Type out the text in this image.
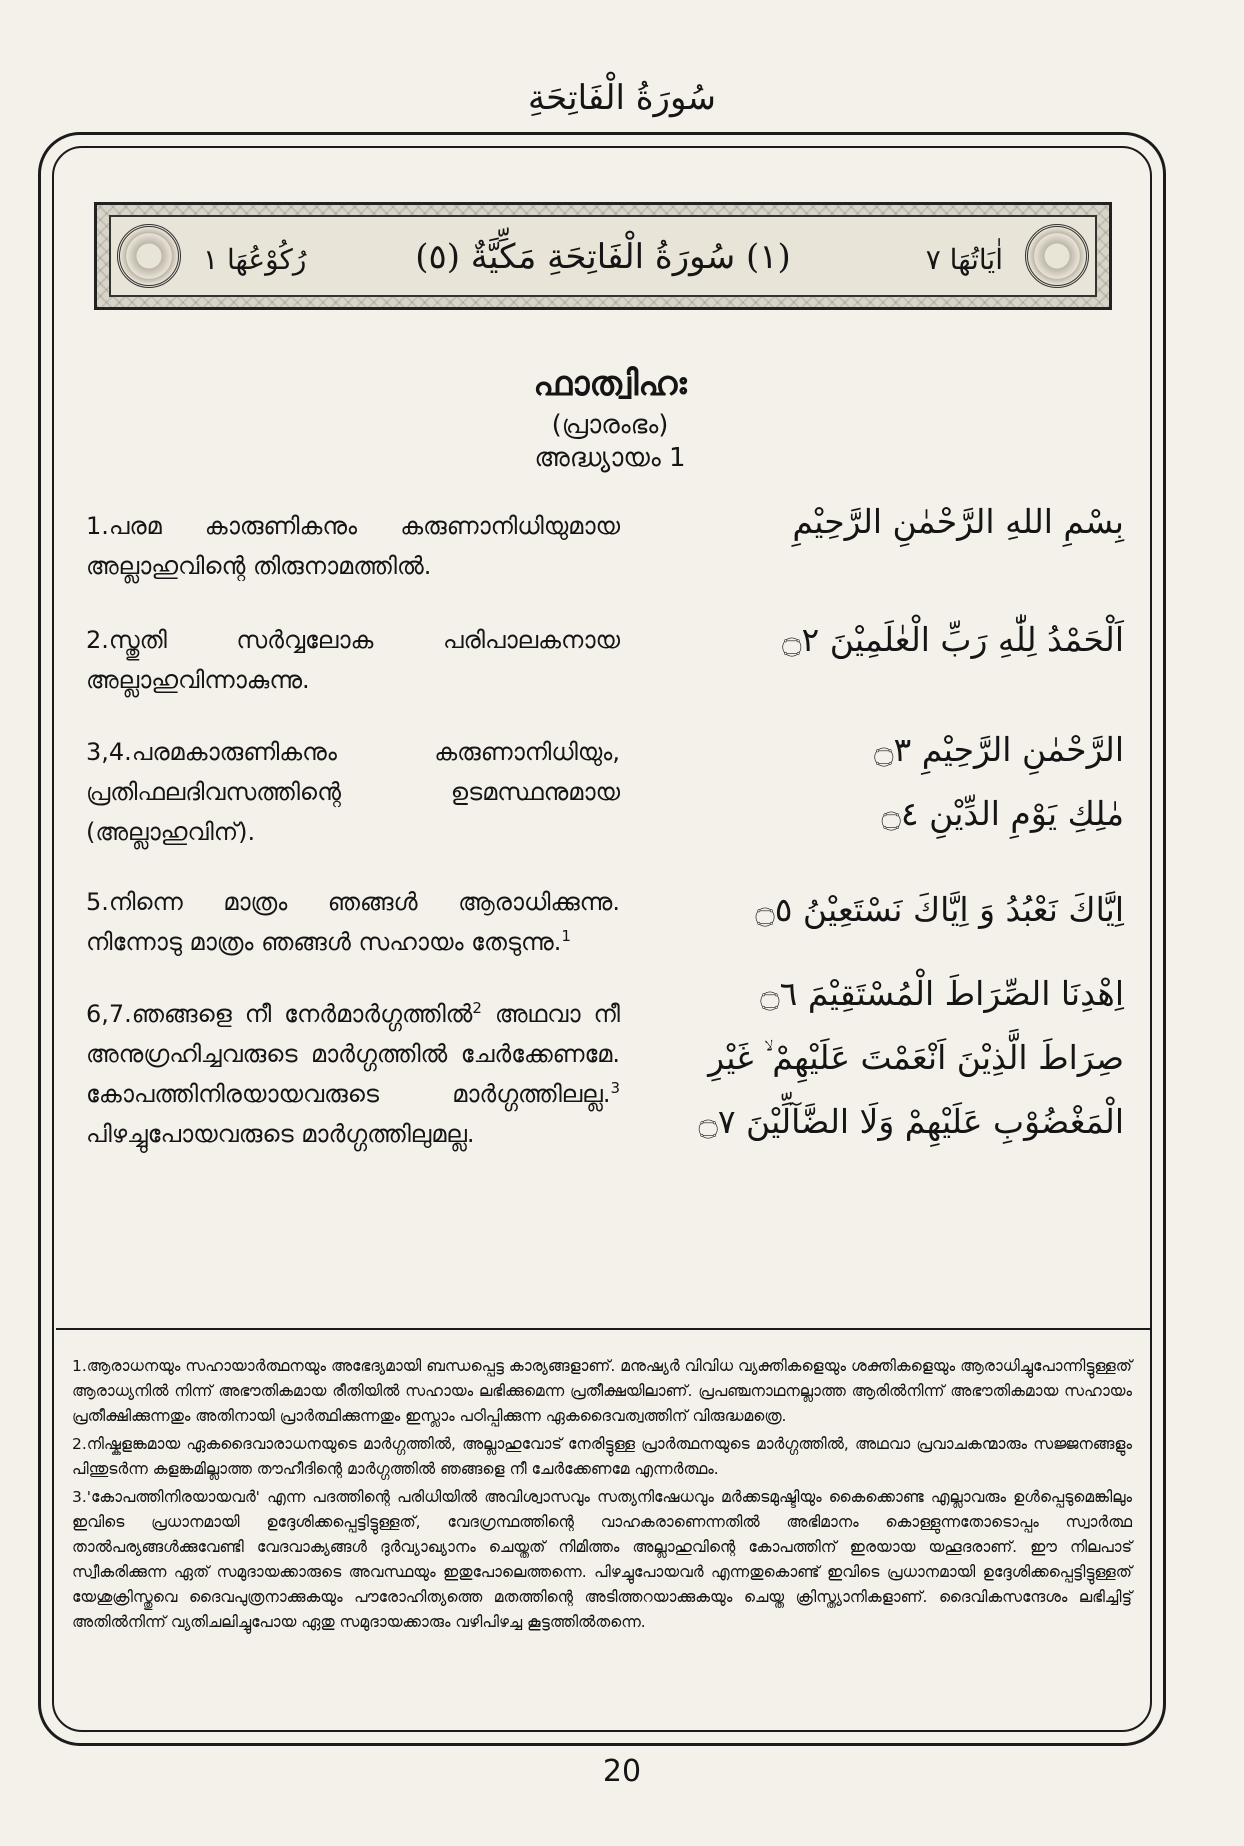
سُورَةُ الْفَاتِحَةِ
اٰيَاتُهَا ٧
(١) سُورَةُ الْفَاتِحَةِ مَكِّيَّةٌ (٥)
رُكُوْعُهَا ١
ഫാത്വിഹഃ
(പ്രാരംഭം)
അദ്ധ്യായം 1
بِسْمِ اللهِ الرَّحْمٰنِ الرَّحِيْمِ
1.പരമ കാരുണികനും കരുണാനിധിയുമായ അല്ലാഹുവിന്റെ തിരുനാമത്തിൽ.
اَلْحَمْدُ لِلّٰهِ رَبِّ الْعٰلَمِيْنَ ۝٢
2.സ്തുതി സർവ്വലോക പരിപാലകനായ അല്ലാഹുവിന്നാകുന്നു.
الرَّحْمٰنِ الرَّحِيْمِ ۝٣
مٰلِكِ يَوْمِ الدِّيْنِ ۝٤
3,4.പരമകാരുണികനും കരുണാനിധിയും, പ്രതിഫലദിവസത്തിന്റെ ഉടമസ്ഥനുമായ (അല്ലാഹുവിന്).
اِيَّاكَ نَعْبُدُ وَ اِيَّاكَ نَسْتَعِيْنُ ۝٥
5.നിന്നെ മാത്രം ഞങ്ങൾ ആരാധിക്കുന്നു. നിന്നോടു മാത്രം ഞങ്ങൾ സഹായം തേടുന്നു.$^1$
اِهْدِنَا الصِّرَاطَ الْمُسْتَقِيْمَ ۝٦
صِرَاطَ الَّذِيْنَ اَنْعَمْتَ عَلَيْهِمْ ۙ غَيْرِ
الْمَغْضُوْبِ عَلَيْهِمْ وَلَا الضَّآلِّيْنَ ۝٧
6,7.ഞങ്ങളെ നീ നേർമാർഗ്ഗത്തിൽ$^2$ അഥവാ നീ അനുഗ്രഹിച്ചവരുടെ മാർഗ്ഗത്തിൽ ചേർക്കേണമേ. കോപത്തിനിരയായവരുടെ മാർഗ്ഗത്തിലല്ല.$^3$ പിഴച്ചുപോയവരുടെ മാർഗ്ഗത്തിലുമല്ല.

1.ആരാധനയും സഹായാർത്ഥനയും അഭേദ്യമായി ബന്ധപ്പെട്ട കാര്യങ്ങളാണ്. മനുഷ്യർ വിവിധ വ്യക്തികളെയും ശക്തികളെയും ആരാധിച്ചുപോന്നിട്ടുള്ളത് ആരാധ്യനിൽ നിന്ന് അഭൗതികമായ രീതിയിൽ സഹായം ലഭിക്കുമെന്ന പ്രതീക്ഷയിലാണ്. പ്രപഞ്ചനാഥനല്ലാത്ത ആരിൽനിന്ന് അഭൗതികമായ സഹായം പ്രതീക്ഷിക്കുന്നതും അതിനായി പ്രാർത്ഥിക്കുന്നതും ഇസ്ലാം പഠിപ്പിക്കുന്ന ഏകദൈവത്വത്തിന് വിരുദ്ധമത്രെ.

2.നിഷ്കളങ്കമായ ഏകദൈവാരാധനയുടെ മാർഗ്ഗത്തിൽ, അല്ലാഹുവോട് നേരിട്ടുള്ള പ്രാർത്ഥനയുടെ മാർഗ്ഗത്തിൽ, അഥവാ പ്രവാചകന്മാരും സജ്ജനങ്ങളും പിന്തുടർന്ന കളങ്കമില്ലാത്ത തൗഹീദിന്റെ മാർഗ്ഗത്തിൽ ഞങ്ങളെ നീ ചേർക്കേണമേ എന്നർത്ഥം.

3.'കോപത്തിനിരയായവർ' എന്ന പദത്തിന്റെ പരിധിയിൽ അവിശ്വാസവും സത്യനിഷേധവും മർക്കടമുഷ്ടിയും കൈക്കൊണ്ട എല്ലാവരും ഉൾപ്പെടുമെങ്കിലും ഇവിടെ പ്രധാനമായി ഉദ്ദേശിക്കപ്പെട്ടിട്ടുള്ളത്, വേദഗ്രന്ഥത്തിന്റെ വാഹകരാണെന്നതിൽ അഭിമാനം കൊള്ളുന്നതോടൊപ്പം സ്വാർത്ഥ താൽപര്യങ്ങൾക്കുവേണ്ടി വേദവാക്യങ്ങൾ ദുർവ്യാഖ്യാനം ചെയ്തത് നിമിത്തം അല്ലാഹുവിന്റെ കോപത്തിന് ഇരയായ യഹൂദരാണ്. ഈ നിലപാട് സ്വീകരിക്കുന്ന ഏത് സമുദായക്കാരുടെ അവസ്ഥയും ഇതുപോലെത്തന്നെ. പിഴച്ചുപോയവർ എന്നതുകൊണ്ട് ഇവിടെ പ്രധാനമായി ഉദ്ദേശിക്കപ്പെട്ടിട്ടുള്ളത് യേശുക്രിസ്തുവെ ദൈവപുത്രനാക്കുകയും പൗരോഹിത്യത്തെ മതത്തിന്റെ അടിത്തറയാക്കുകയും ചെയ്ത ക്രിസ്ത്യാനികളാണ്. ദൈവികസന്ദേശം ലഭിച്ചിട്ട് അതിൽനിന്ന് വ്യതിചലിച്ചുപോയ ഏതു സമുദായക്കാരും വഴിപിഴച്ച കൂട്ടത്തിൽതന്നെ.

20
